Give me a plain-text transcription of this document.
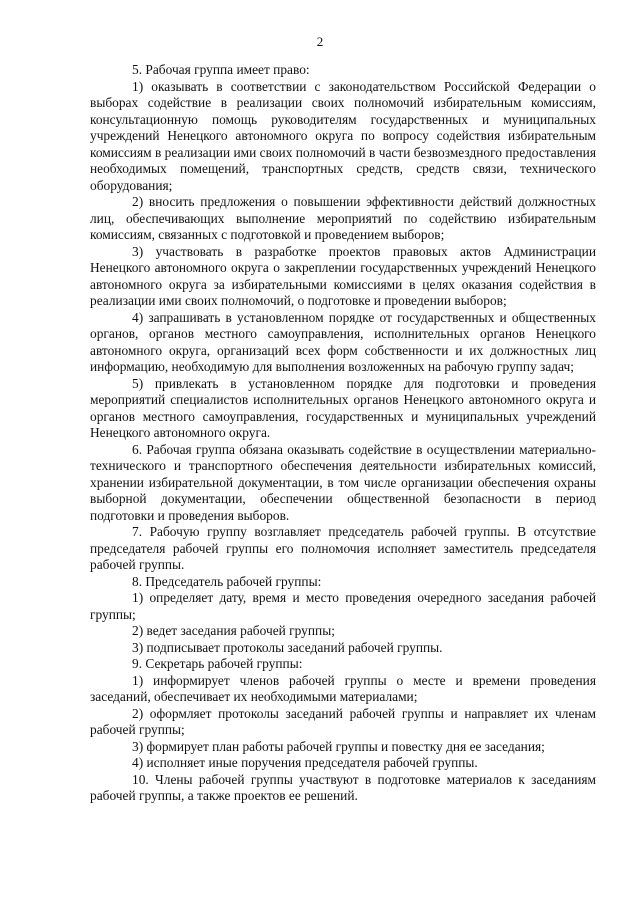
2

5. Рабочая группа имеет право:

1) оказывать в соответствии с законодательством Российской Федерации о выборах содействие в реализации своих полномочий избирательным комиссиям, консультационную помощь руководителям государственных и муниципальных учреждений Ненецкого автономного округа по вопросу содействия избирательным комиссиям в реализации ими своих полномочий в части безвозмездного предоставления необходимых помещений, транспортных средств, средств связи, технического оборудования;

2) вносить предложения о повышении эффективности действий должностных лиц, обеспечивающих выполнение мероприятий по содействию избирательным комиссиям, связанных с подготовкой и проведением выборов;

3) участвовать в разработке проектов правовых актов Администрации Ненецкого автономного округа о закреплении государственных учреждений Ненецкого автономного округа за избирательными комиссиями в целях оказания содействия в реализации ими своих полномочий, о подготовке и проведении выборов;

4) запрашивать в установленном порядке от государственных и общественных органов, органов местного самоуправления, исполнительных органов Ненецкого автономного округа, организаций всех форм собственности и их должностных лиц информацию, необходимую для выполнения возложенных на рабочую группу задач;

5) привлекать в установленном порядке для подготовки и проведения мероприятий специалистов исполнительных органов Ненецкого автономного округа и органов местного самоуправления, государственных и муниципальных учреждений Ненецкого автономного округа.

6. Рабочая группа обязана оказывать содействие в осуществлении материально-технического и транспортного обеспечения деятельности избирательных комиссий, хранении избирательной документации, в том числе организации обеспечения охраны выборной документации, обеспечении общественной безопасности в период подготовки и проведения выборов.

7. Рабочую группу возглавляет председатель рабочей группы. В отсутствие председателя рабочей группы его полномочия исполняет заместитель председателя рабочей группы.

8. Председатель рабочей группы:

1) определяет дату, время и место проведения очередного заседания рабочей группы;

2) ведет заседания рабочей группы;

3) подписывает протоколы заседаний рабочей группы.

9. Секретарь рабочей группы:

1) информирует членов рабочей группы о месте и времени проведения заседаний, обеспечивает их необходимыми материалами;

2) оформляет протоколы заседаний рабочей группы и направляет их членам рабочей группы;

3) формирует план работы рабочей группы и повестку дня ее заседания;

4) исполняет иные поручения председателя рабочей группы.

10. Члены рабочей группы участвуют в подготовке материалов к заседаниям рабочей группы, а также проектов ее решений.
